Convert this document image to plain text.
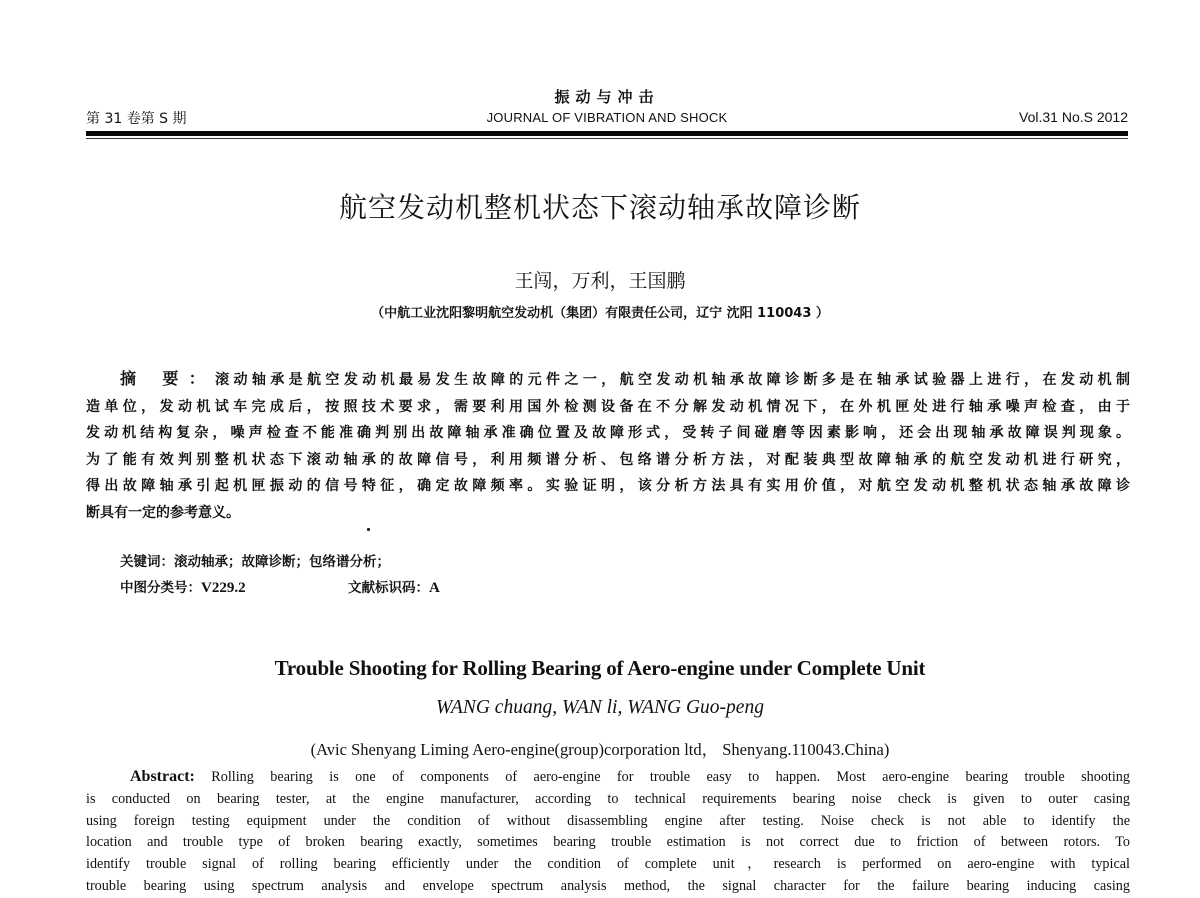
振动与冲击
第 31 卷第 S 期	JOURNAL OF VIBRATION AND SHOCK	Vol.31 No.S 2012
航空发动机整机状态下滚动轴承故障诊断
王闯，万利，王国鹏
（中航工业沈阳黎明航空发动机（集团）有限责任公司，辽宁 沈阳 110043 ）
摘 要：滚动轴承是航空发动机最易发生故障的元件之一，航空发动机轴承故障诊断多是在轴承试验器上进行，在发动机制
造单位，发动机试车完成后，按照技术要求，需要利用国外检测设备在不分解发动机情况下，在外机匣处进行轴承噪声检查，由于
发动机结构复杂，噪声检查不能准确判别出故障轴承准确位置及故障形式，受转子间碰磨等因素影响，还会出现轴承故障误判现象。
为了能有效判别整机状态下滚动轴承的故障信号，利用频谱分析、包络谱分析方法，对配装典型故障轴承的航空发动机进行研究，
得出故障轴承引起机匣振动的信号特征，确定故障频率。实验证明，该分析方法具有实用价值，对航空发动机整机状态轴承故障诊
断具有一定的参考意义。
关键词：滚动轴承；故障诊断；包络谱分析；
中图分类号：V229.2	文献标识码：A
Trouble Shooting for Rolling Bearing of Aero-engine under Complete Unit
WANG chuang, WAN li, WANG Guo-peng
(Avic Shenyang Liming Aero-engine(group)corporation ltd， Shenyang.110043.China)
Abstract: Rolling bearing is one of components of aero-engine for trouble easy to happen. Most aero-engine bearing trouble shooting
is conducted on bearing tester, at the engine manufacturer, according to technical requirements bearing noise check is given to outer casing
using foreign testing equipment under the condition of without disassembling engine after testing. Noise check is not able to identify the
location and trouble type of broken bearing exactly, sometimes bearing trouble estimation is not correct due to friction of between rotors. To
identify trouble signal of rolling bearing efficiently under the condition of complete unit，research is performed on aero-engine with typical
trouble bearing using spectrum analysis and envelope spectrum analysis method, the signal character for the failure bearing inducing casing
